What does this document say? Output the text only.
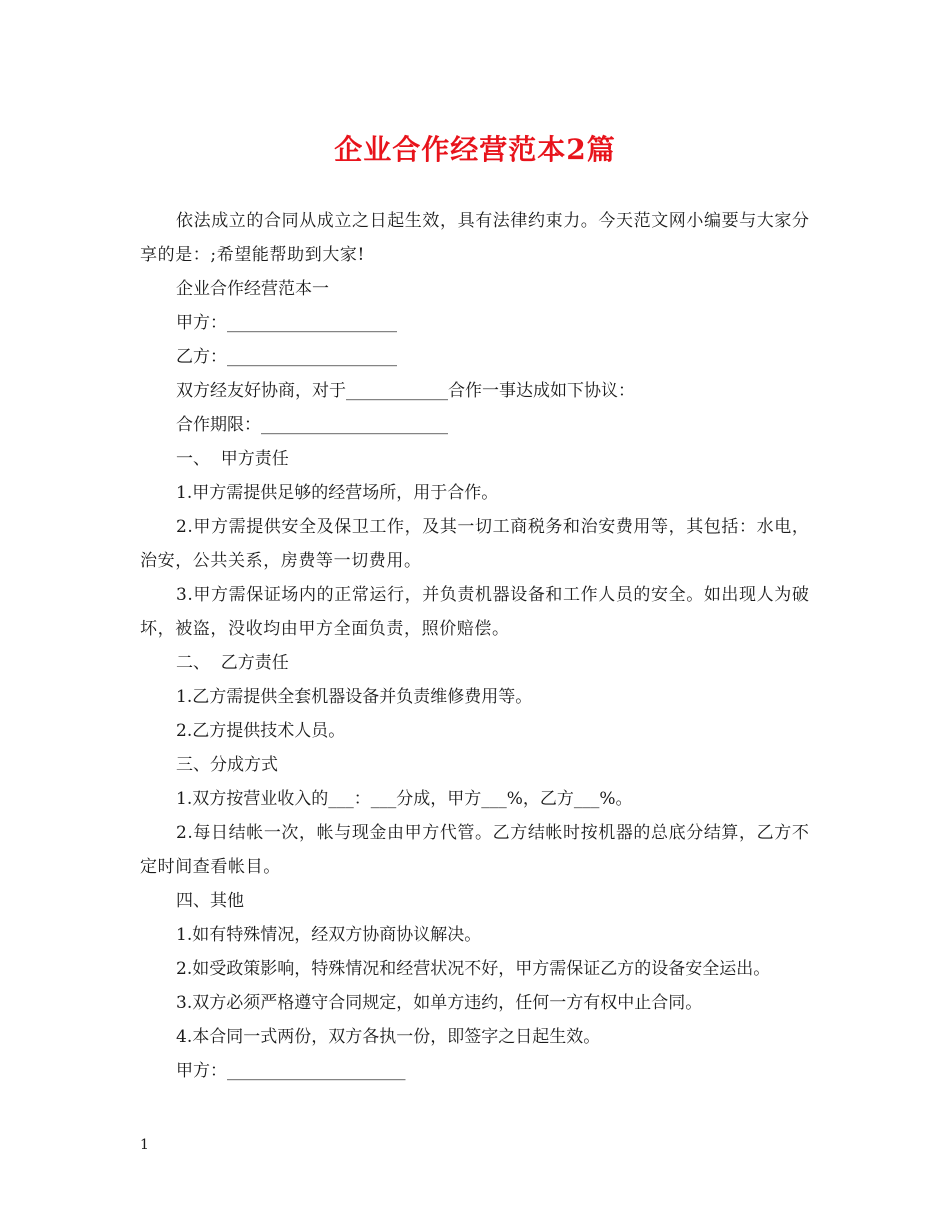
企业合作经营范本2篇

依法成立的合同从成立之日起生效，具有法律约束力。今天范文网小编要与大家分享的是：;希望能帮助到大家!

企业合作经营范本一

甲方：____________________

乙方：____________________

双方经友好协商，对于____________合作一事达成如下协议：

合作期限：______________________

一、  甲方责任

1.甲方需提供足够的经营场所，用于合作。

2.甲方需提供安全及保卫工作，及其一切工商税务和治安费用等，其包括：水电，治安，公共关系，房费等一切费用。

3.甲方需保证场内的正常运行，并负责机器设备和工作人员的安全。如出现人为破坏，被盗，没收均由甲方全面负责，照价赔偿。

二、  乙方责任

1.乙方需提供全套机器设备并负责维修费用等。

2.乙方提供技术人员。

三、分成方式

1.双方按营业收入的___：___分成，甲方___%，乙方___%。

2.每日结帐一次，帐与现金由甲方代管。乙方结帐时按机器的总底分结算，乙方不定时间查看帐目。

四、其他

1.如有特殊情况，经双方协商协议解决。

2.如受政策影响，特殊情况和经营状况不好，甲方需保证乙方的设备安全运出。

3.双方必须严格遵守合同规定，如单方违约，任何一方有权中止合同。

4.本合同一式两份，双方各执一份，即签字之日起生效。

甲方：_____________________

1
